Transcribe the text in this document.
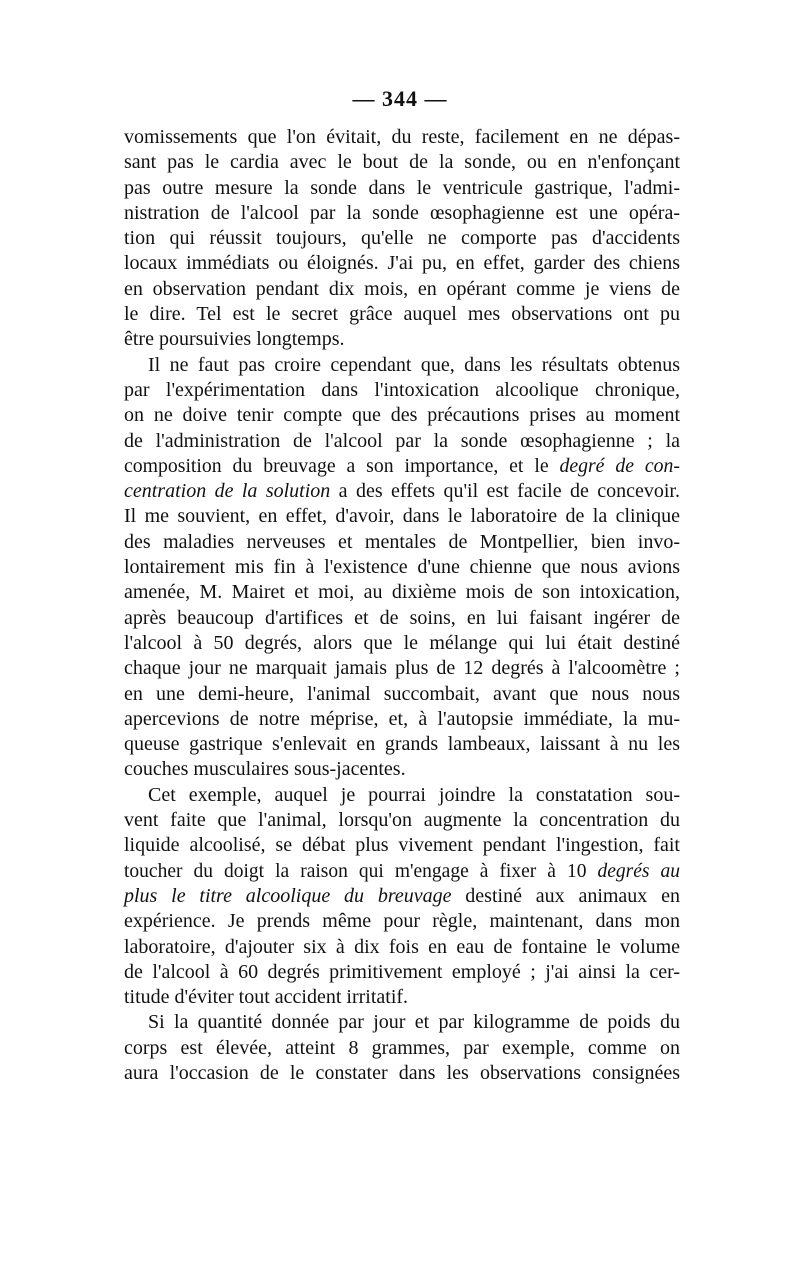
— 344 —
vomissements que l'on évitait, du reste, facilement en ne dépas-
sant pas le cardia avec le bout de la sonde, ou en n'enfonçant
pas outre mesure la sonde dans le ventricule gastrique, l'admi-
nistration de l'alcool par la sonde œsophagienne est une opéra-
tion qui réussit toujours, qu'elle ne comporte pas d'accidents
locaux immédiats ou éloignés. J'ai pu, en effet, garder des chiens
en observation pendant dix mois, en opérant comme je viens de
le dire. Tel est le secret grâce auquel mes observations ont pu
être poursuivies longtemps.
Il ne faut pas croire cependant que, dans les résultats obtenus
par l'expérimentation dans l'intoxication alcoolique chronique,
on ne doive tenir compte que des précautions prises au moment
de l'administration de l'alcool par la sonde œsophagienne ; la
composition du breuvage a son importance, et le degré de con-
centration de la solution a des effets qu'il est facile de concevoir.
Il me souvient, en effet, d'avoir, dans le laboratoire de la clinique
des maladies nerveuses et mentales de Montpellier, bien invo-
lontairement mis fin à l'existence d'une chienne que nous avions
amenée, M. Mairet et moi, au dixième mois de son intoxication,
après beaucoup d'artifices et de soins, en lui faisant ingérer de
l'alcool à 50 degrés, alors que le mélange qui lui était destiné
chaque jour ne marquait jamais plus de 12 degrés à l'alcoomètre ;
en une demi-heure, l'animal succombait, avant que nous nous
apercevions de notre méprise, et, à l'autopsie immédiate, la mu-
queuse gastrique s'enlevait en grands lambeaux, laissant à nu les
couches musculaires sous-jacentes.
Cet exemple, auquel je pourrai joindre la constatation sou-
vent faite que l'animal, lorsqu'on augmente la concentration du
liquide alcoolisé, se débat plus vivement pendant l'ingestion, fait
toucher du doigt la raison qui m'engage à fixer à 10 degrés au
plus le titre alcoolique du breuvage destiné aux animaux en
expérience. Je prends même pour règle, maintenant, dans mon
laboratoire, d'ajouter six à dix fois en eau de fontaine le volume
de l'alcool à 60 degrés primitivement employé ; j'ai ainsi la cer-
titude d'éviter tout accident irritatif.
Si la quantité donnée par jour et par kilogramme de poids du
corps est élevée, atteint 8 grammes, par exemple, comme on
aura l'occasion de le constater dans les observations consignées
